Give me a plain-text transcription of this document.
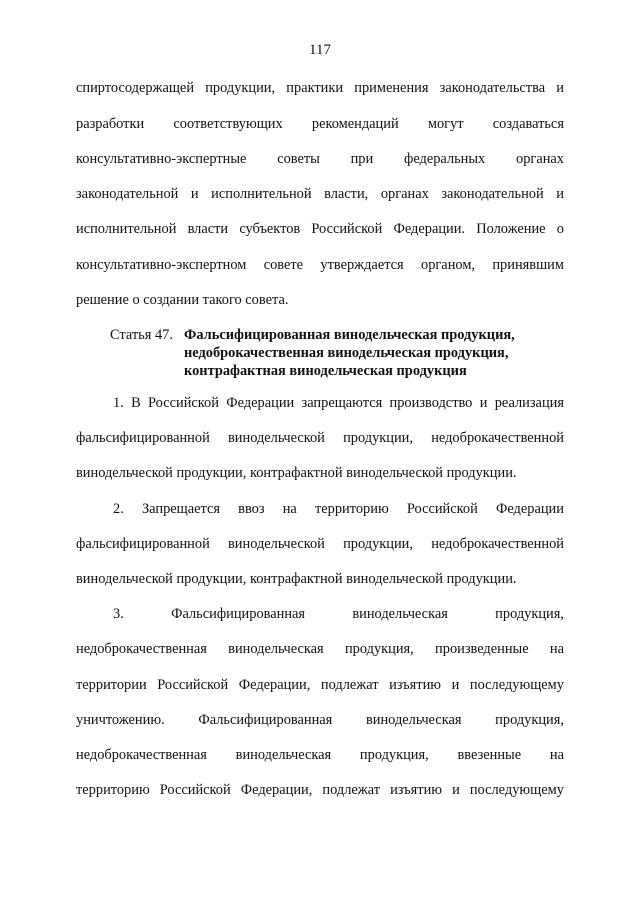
117
спиртосодержащей продукции, практики применения законодательства и
разработки соответствующих рекомендаций могут создаваться
консультативно-экспертные советы при федеральных органах
законодательной и исполнительной власти, органах законодательной и
исполнительной власти субъектов Российской Федерации. Положение о
консультативно-экспертном совете утверждается органом, принявшим
решение о создании такого совета.
Статья 47. Фальсифицированная винодельческая продукция,
недоброкачественная винодельческая продукция,
контрафактная винодельческая продукция
1. В Российской Федерации запрещаются производство и реализация
фальсифицированной винодельческой продукции, недоброкачественной
винодельческой продукции, контрафактной винодельческой продукции.
2. Запрещается ввоз на территорию Российской Федерации
фальсифицированной винодельческой продукции, недоброкачественной
винодельческой продукции, контрафактной винодельческой продукции.
3.	Фальсифицированная	винодельческая	продукция,
недоброкачественная винодельческая продукция, произведенные на
территории Российской Федерации, подлежат изъятию и последующему
уничтожению. Фальсифицированная винодельческая продукция,
недоброкачественная винодельческая продукция, ввезенные на
территорию Российской Федерации, подлежат изъятию и последующему
